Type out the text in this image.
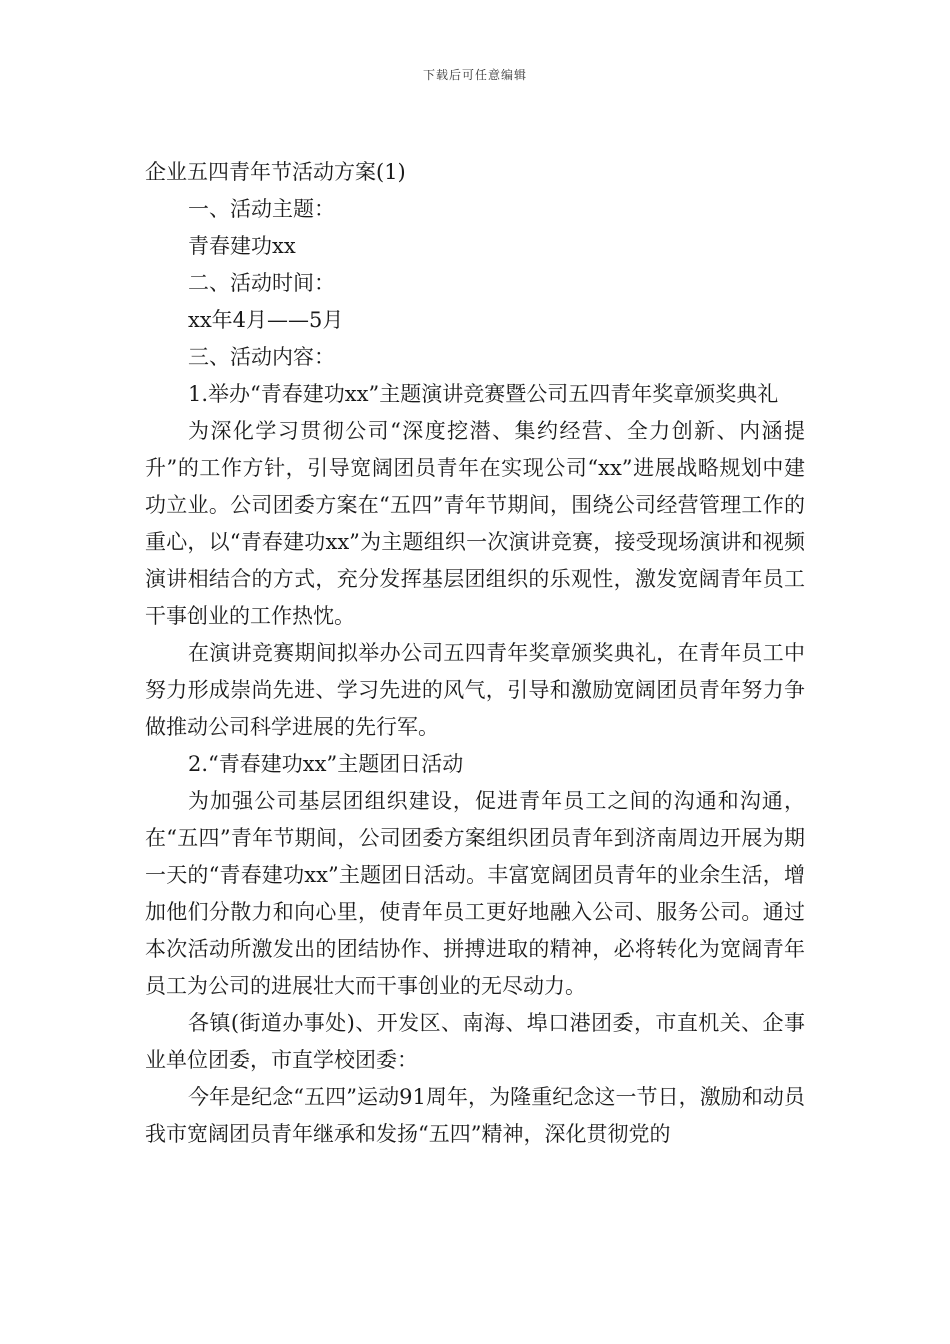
下载后可任意编辑
企业五四青年节活动方案(1)

一、活动主题：

青春建功xx

二、活动时间：

xx年4月——5月

三、活动内容：

1.举办“青春建功xx”主题演讲竞赛暨公司五四青年奖章颁奖典礼

为深化学习贯彻公司“深度挖潜、集约经营、全力创新、内涵提升”的工作方针，引导宽阔团员青年在实现公司“xx”进展战略规划中建功立业。公司团委方案在“五四”青年节期间，围绕公司经营管理工作的重心，以“青春建功xx”为主题组织一次演讲竞赛，接受现场演讲和视频演讲相结合的方式，充分发挥基层团组织的乐观性，激发宽阔青年员工干事创业的工作热忱。

在演讲竞赛期间拟举办公司五四青年奖章颁奖典礼，在青年员工中努力形成崇尚先进、学习先进的风气，引导和激励宽阔团员青年努力争做推动公司科学进展的先行军。

2.“青春建功xx”主题团日活动

为加强公司基层团组织建设，促进青年员工之间的沟通和沟通，在“五四”青年节期间，公司团委方案组织团员青年到济南周边开展为期一天的“青春建功xx”主题团日活动。丰富宽阔团员青年的业余生活，增加他们分散力和向心里，使青年员工更好地融入公司、服务公司。通过本次活动所激发出的团结协作、拼搏进取的精神，必将转化为宽阔青年员工为公司的进展壮大而干事创业的无尽动力。

各镇(街道办事处)、开发区、南海、埠口港团委，市直机关、企事业单位团委，市直学校团委：

今年是纪念“五四”运动91周年，为隆重纪念这一节日，激励和动员我市宽阔团员青年继承和发扬“五四”精神，深化贯彻党的
